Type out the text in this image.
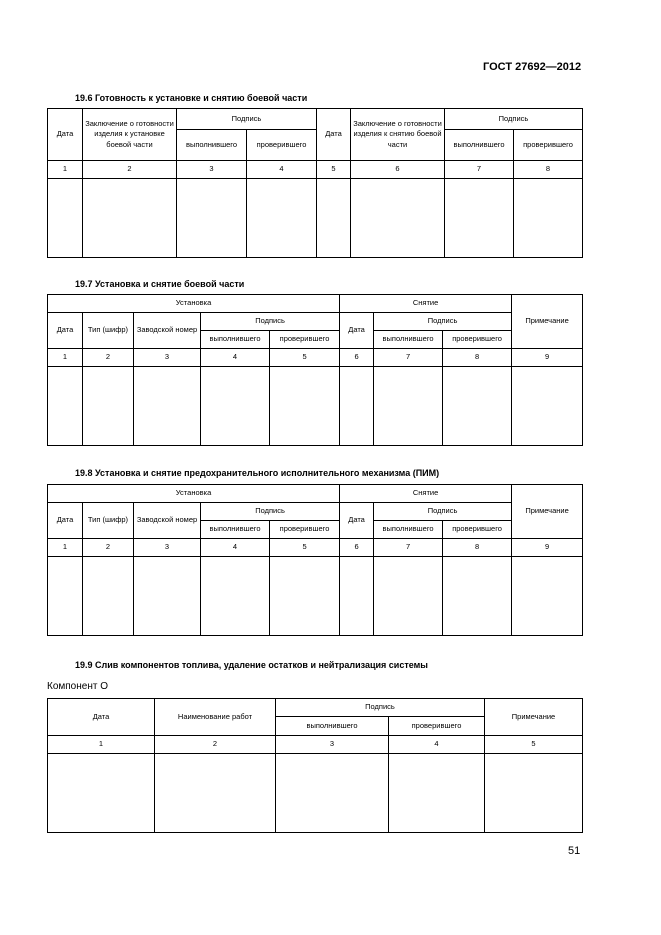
ГОСТ 27692—2012
19.6 Готовность к установке и снятию боевой части
Дата	Заключение о готовности изделия к установке боевой части	Подпись		Дата	Заключение о готовности изделия к снятию боевой части	Подпись	
		выполнившего	проверившего			выполнившего	проверившего
1	2	3	4	5	6	7	8

19.7 Установка и снятие боевой части
Установка					Снятие			Примечание
Дата	Тип (шифр)	Заводской номер	Подпись		Дата	Подпись		
			выполнившего	проверившего		выполнившего	проверившего	
1	2	3	4	5	6	7	8	9

19.8 Установка и снятие предохранительного исполнительного механизма (ПИМ)
Установка					Снятие			Примечание
Дата	Тип (шифр)	Заводской номер	Подпись		Дата	Подпись		
			выполнившего	проверившего		выполнившего	проверившего	
1	2	3	4	5	6	7	8	9

19.9 Слив компонентов топлива, удаление остатков и нейтрализация системы
Компонент О
Дата	Наименование работ	Подпись		Примечание
		выполнившего	проверившего	
1	2	3	4	5

51
